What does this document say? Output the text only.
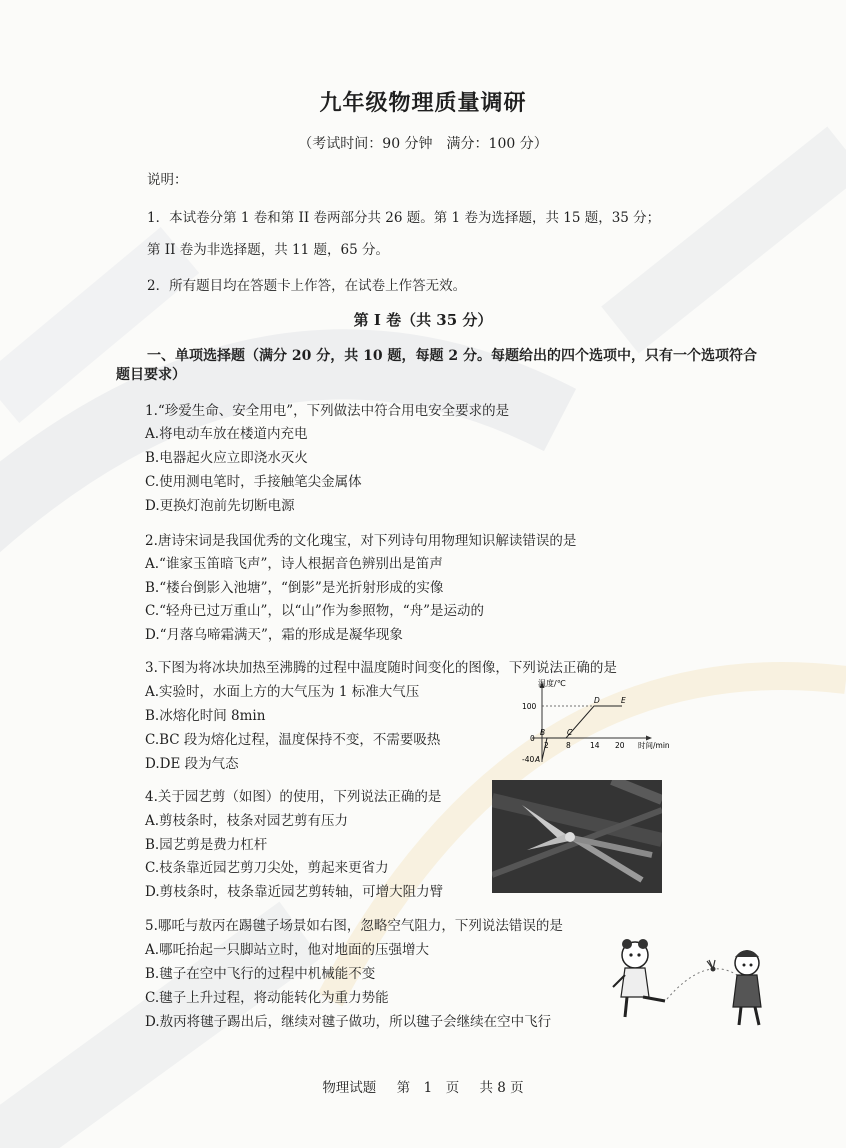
九年级物理质量调研
（考试时间：90 分钟　满分：100 分）
说明：
1．本试卷分第 1 卷和第 II 卷两部分共 26 题。第 1 卷为选择题，共 15 题，35 分；
第 II 卷为非选择题，共 11 题，65 分。
2．所有题目均在答题卡上作答，在试卷上作答无效。
第 I 卷（共 35 分）
一、单项选择题（满分 20 分，共 10 题，每题 2 分。每题给出的四个选项中，只有一个选项符合
题目要求）
1.“珍爱生命、安全用电”，下列做法中符合用电安全要求的是
A.将电动车放在楼道内充电
B.电器起火应立即浇水灭火
C.使用测电笔时，手接触笔尖金属体
D.更换灯泡前先切断电源
2.唐诗宋词是我国优秀的文化瑰宝，对下列诗句用物理知识解读错误的是
A.“谁家玉笛暗飞声”，诗人根据音色辨别出是笛声
B.“楼台倒影入池塘”，“倒影”是光折射形成的实像
C.“轻舟已过万重山”，以“山”作为参照物，“舟”是运动的
D.“月落乌啼霜满天”，霜的形成是凝华现象
3.下图为将冰块加热至沸腾的过程中温度随时间变化的图像，下列说法正确的是
A.实验时，水面上方的大气压为 1 标准大气压
B.冰熔化时间 8min
C.BC 段为熔化过程，温度保持不变，不需要吸热
D.DE 段为气态
温度/℃
时间/min
100
0
-40
2 8	14 20
A
B	C
D	E
4.关于园艺剪（如图）的使用，下列说法正确的是
A.剪枝条时，枝条对园艺剪有压力
B.园艺剪是费力杠杆
C.枝条靠近园艺剪刀尖处，剪起来更省力
D.剪枝条时，枝条靠近园艺剪转轴，可增大阻力臂
5.哪吒与敖丙在踢毽子场景如右图，忽略空气阻力，下列说法错误的是
A.哪吒抬起一只脚站立时，他对地面的压强增大
B.毽子在空中飞行的过程中机械能不变
C.毽子上升过程，将动能转化为重力势能
D.敖丙将毽子踢出后，继续对毽子做功，所以毽子会继续在空中飞行
物理试题 第　1　页 共 8 页
